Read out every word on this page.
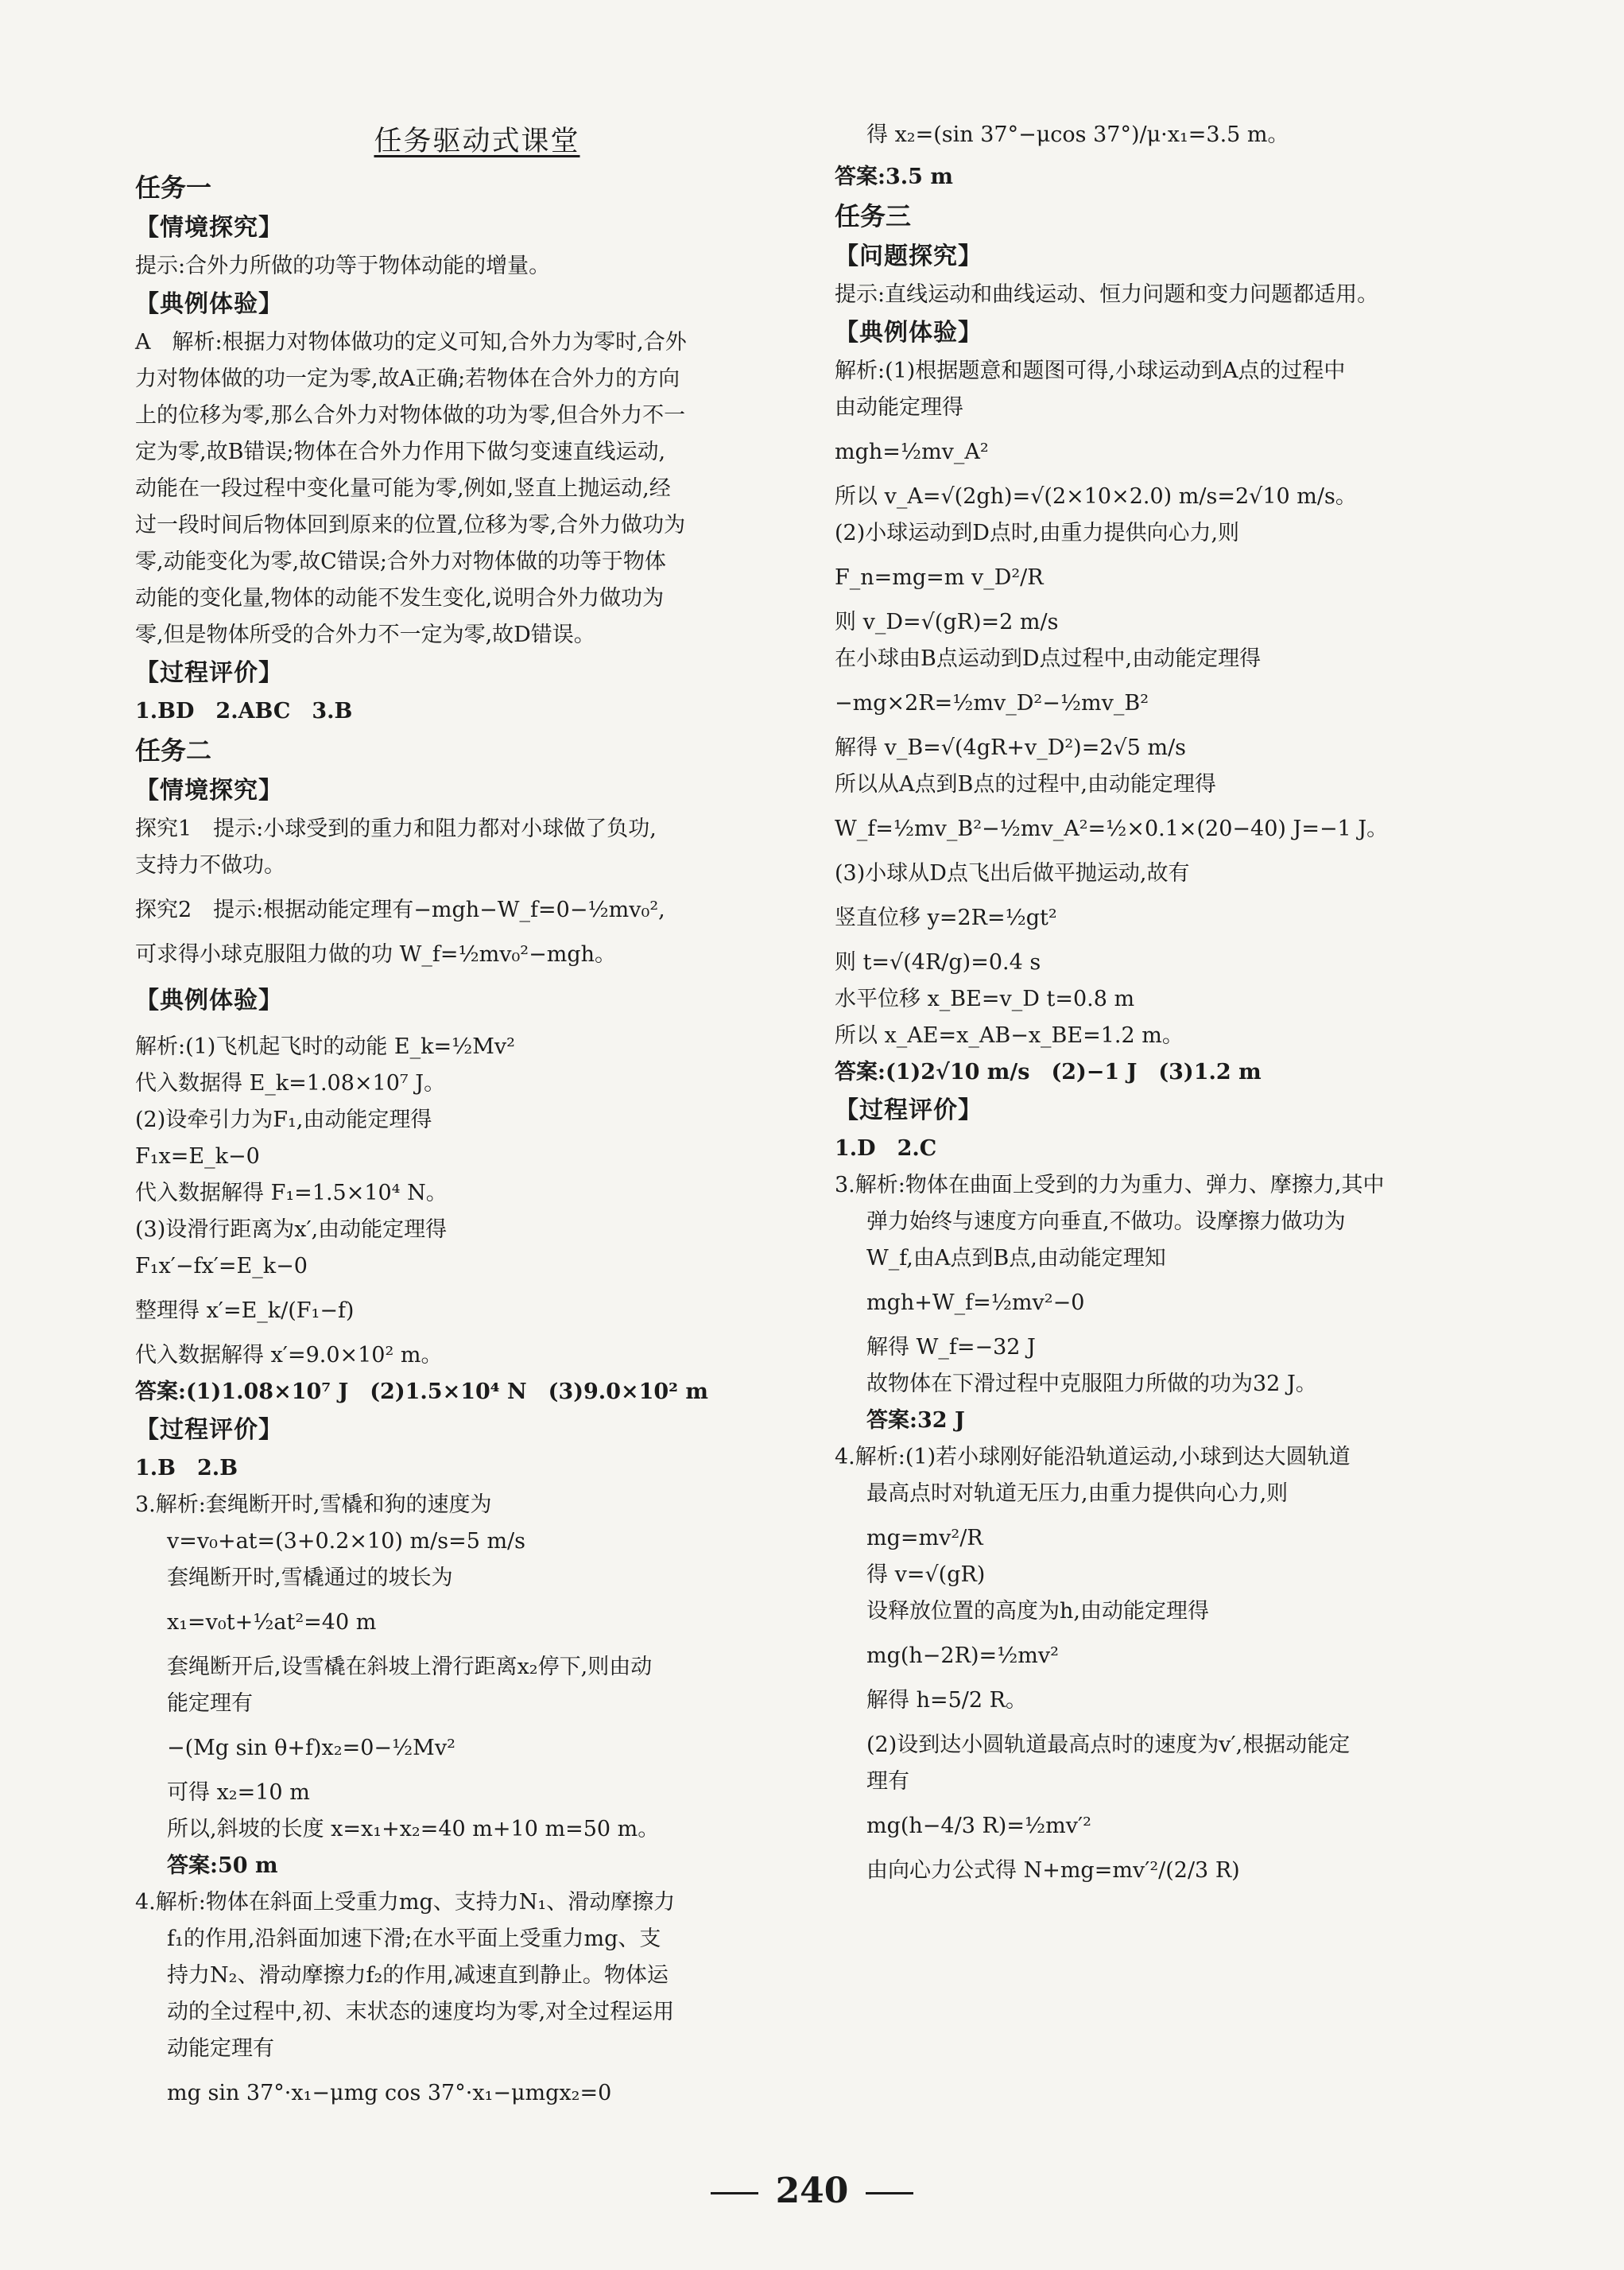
任务驱动式课堂

任务一

【情境探究】

提示:合外力所做的功等于物体动能的增量。

【典例体验】

A　解析:根据力对物体做功的定义可知,合外力为零时,合外

力对物体做的功一定为零,故A正确;若物体在合外力的方向

上的位移为零,那么合外力对物体做的功为零,但合外力不一

定为零,故B错误;物体在合外力作用下做匀变速直线运动,

动能在一段过程中变化量可能为零,例如,竖直上抛运动,经

过一段时间后物体回到原来的位置,位移为零,合外力做功为

零,动能变化为零,故C错误;合外力对物体做的功等于物体

动能的变化量,物体的动能不发生变化,说明合外力做功为

零,但是物体所受的合外力不一定为零,故D错误。

【过程评价】

1.BD　2.ABC　3.B

任务二

【情境探究】

探究1　提示:小球受到的重力和阻力都对小球做了负功,

支持力不做功。

探究2　提示:根据动能定理有−mgh−W_f=0−½mv₀²,

可求得小球克服阻力做的功 W_f=½mv₀²−mgh。

【典例体验】

解析:(1)飞机起飞时的动能 E_k=½Mv²

代入数据得 E_k=1.08×10⁷ J。

(2)设牵引力为F₁,由动能定理得

F₁x=E_k−0

代入数据解得 F₁=1.5×10⁴ N。

(3)设滑行距离为x′,由动能定理得

F₁x′−fx′=E_k−0

整理得 x′=E_k/(F₁−f)

代入数据解得 x′=9.0×10² m。

答案:(1)1.08×10⁷ J　(2)1.5×10⁴ N　(3)9.0×10² m

【过程评价】

1.B　2.B

3.解析:套绳断开时,雪橇和狗的速度为

v=v₀+at=(3+0.2×10) m/s=5 m/s

套绳断开时,雪橇通过的坡长为

x₁=v₀t+½at²=40 m

套绳断开后,设雪橇在斜坡上滑行距离x₂停下,则由动

能定理有

−(Mg sin θ+f)x₂=0−½Mv²

可得 x₂=10 m

所以,斜坡的长度 x=x₁+x₂=40 m+10 m=50 m。

答案:50 m

4.解析:物体在斜面上受重力mg、支持力N₁、滑动摩擦力

f₁的作用,沿斜面加速下滑;在水平面上受重力mg、支

持力N₂、滑动摩擦力f₂的作用,减速直到静止。物体运

动的全过程中,初、末状态的速度均为零,对全过程运用

动能定理有

mg sin 37°·x₁−μmg cos 37°·x₁−μmgx₂=0

得 x₂=(sin 37°−μcos 37°)/μ·x₁=3.5 m。

答案:3.5 m

任务三

【问题探究】

提示:直线运动和曲线运动、恒力问题和变力问题都适用。

【典例体验】

解析:(1)根据题意和题图可得,小球运动到A点的过程中

由动能定理得

mgh=½mv_A²

所以 v_A=√(2gh)=√(2×10×2.0) m/s=2√10 m/s。

(2)小球运动到D点时,由重力提供向心力,则

F_n=mg=m v_D²/R

则 v_D=√(gR)=2 m/s

在小球由B点运动到D点过程中,由动能定理得

−mg×2R=½mv_D²−½mv_B²

解得 v_B=√(4gR+v_D²)=2√5 m/s

所以从A点到B点的过程中,由动能定理得

W_f=½mv_B²−½mv_A²=½×0.1×(20−40) J=−1 J。

(3)小球从D点飞出后做平抛运动,故有

竖直位移 y=2R=½gt²

则 t=√(4R/g)=0.4 s

水平位移 x_BE=v_D t=0.8 m

所以 x_AE=x_AB−x_BE=1.2 m。

答案:(1)2√10 m/s　(2)−1 J　(3)1.2 m

【过程评价】

1.D　2.C

3.解析:物体在曲面上受到的力为重力、弹力、摩擦力,其中

弹力始终与速度方向垂直,不做功。设摩擦力做功为

W_f,由A点到B点,由动能定理知

mgh+W_f=½mv²−0

解得 W_f=−32 J

故物体在下滑过程中克服阻力所做的功为32 J。

答案:32 J

4.解析:(1)若小球刚好能沿轨道运动,小球到达大圆轨道

最高点时对轨道无压力,由重力提供向心力,则

mg=mv²/R

得 v=√(gR)

设释放位置的高度为h,由动能定理得

mg(h−2R)=½mv²

解得 h=5/2 R。

(2)设到达小圆轨道最高点时的速度为v′,根据动能定

理有

mg(h−4/3 R)=½mv′²

由向心力公式得 N+mg=mv′²/(2/3 R)

240
